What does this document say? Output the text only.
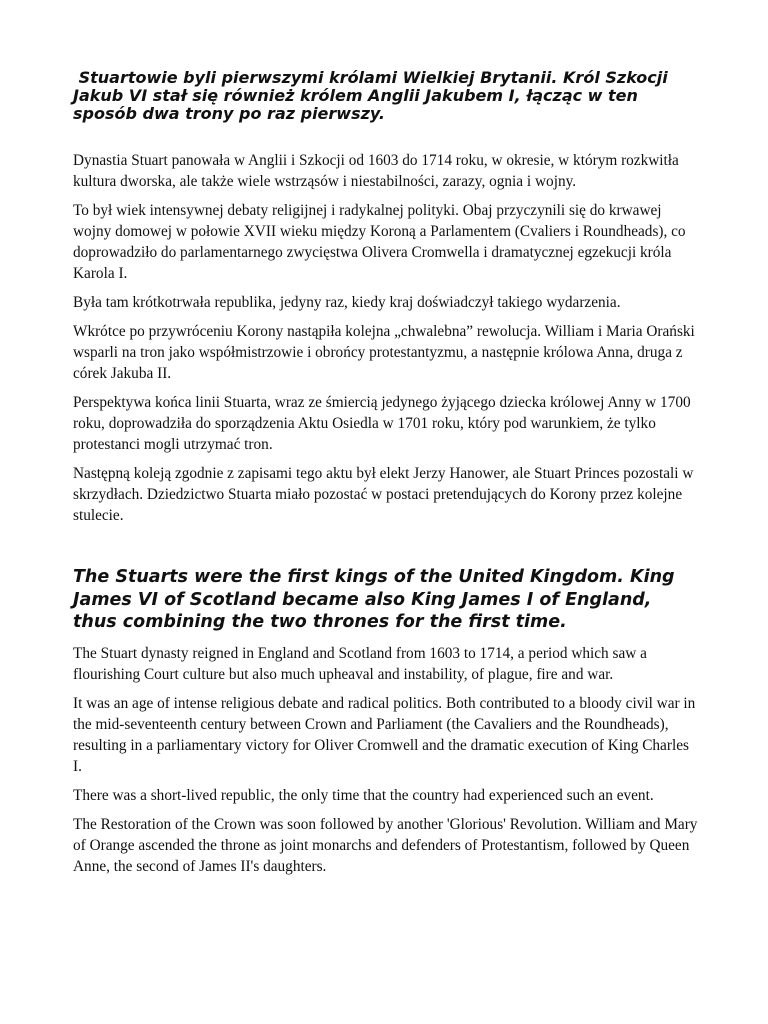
Stuartowie byli pierwszymi królami Wielkiej Brytanii. Król Szkocji Jakub VI stał się również królem Anglii Jakubem I, łącząc w ten sposób dwa trony po raz pierwszy.

Dynastia Stuart panowała w Anglii i Szkocji od 1603 do 1714 roku, w okresie, w którym rozkwitła kultura dworska, ale także wiele wstrząsów i niestabilności, zarazy, ognia i wojny.

To był wiek intensywnej debaty religijnej i radykalnej polityki. Obaj przyczynili się do krwawej wojny domowej w połowie XVII wieku między Koroną a Parlamentem (Cvaliers i Roundheads), co doprowadziło do parlamentarnego zwycięstwa Olivera Cromwella i dramatycznej egzekucji króla Karola I.

Była tam krótkotrwała republika, jedyny raz, kiedy kraj doświadczył takiego wydarzenia.

Wkrótce po przywróceniu Korony nastąpiła kolejna „chwalebna” rewolucja. William i Maria Orański wsparli na tron jako współmistrzowie i obrońcy protestantyzmu, a następnie królowa Anna, druga z córek Jakuba II.

Perspektywa końca linii Stuarta, wraz ze śmiercią jedynego żyjącego dziecka królowej Anny w 1700 roku, doprowadziła do sporządzenia Aktu Osiedla w 1701 roku, który pod warunkiem, że tylko protestanci mogli utrzymać tron.

Następną koleją zgodnie z zapisami tego aktu był elekt Jerzy Hanower, ale Stuart Princes pozostali w skrzydłach. Dziedzictwo Stuarta miało pozostać w postaci pretendujących do Korony przez kolejne stulecie.

The Stuarts were the first kings of the United Kingdom. King James VI of Scotland became also King James I of England, thus combining the two thrones for the first time.

The Stuart dynasty reigned in England and Scotland from 1603 to 1714, a period which saw a flourishing Court culture but also much upheaval and instability, of plague, fire and war.

It was an age of intense religious debate and radical politics. Both contributed to a bloody civil war in the mid-seventeenth century between Crown and Parliament (the Cavaliers and the Roundheads), resulting in a parliamentary victory for Oliver Cromwell and the dramatic execution of King Charles I.

There was a short-lived republic, the only time that the country had experienced such an event.

The Restoration of the Crown was soon followed by another 'Glorious' Revolution. William and Mary of Orange ascended the throne as joint monarchs and defenders of Protestantism, followed by Queen Anne, the second of James II's daughters.
